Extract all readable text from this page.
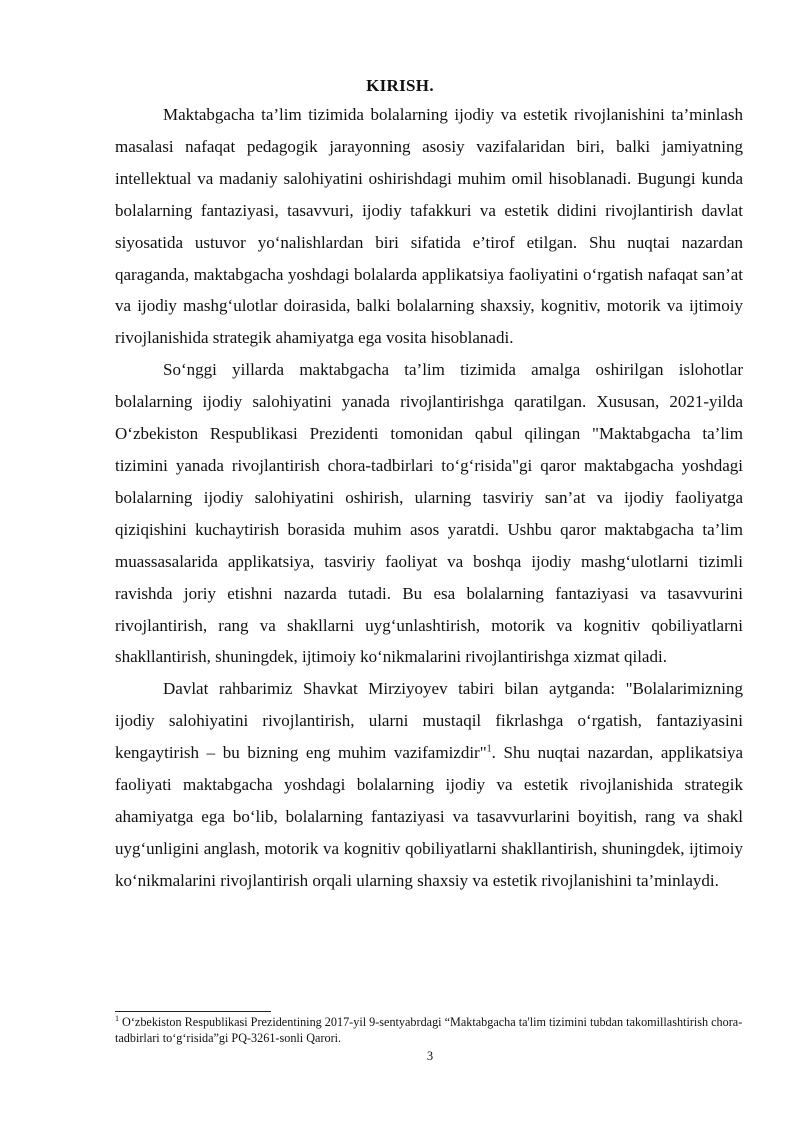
KIRISH.

Maktabgacha ta’lim tizimida bolalarning ijodiy va estetik rivojlanishini ta’minlash masalasi nafaqat pedagogik jarayonning asosiy vazifalaridan biri, balki jamiyatning intellektual va madaniy salohiyatini oshirishdagi muhim omil hisoblanadi. Bugungi kunda bolalarning fantaziyasi, tasavvuri, ijodiy tafakkuri va estetik didini rivojlantirish davlat siyosatida ustuvor yo‘nalishlardan biri sifatida e’tirof etilgan. Shu nuqtai nazardan qaraganda, maktabgacha yoshdagi bolalarda applikatsiya faoliyatini o‘rgatish nafaqat san’at va ijodiy mashg‘ulotlar doirasida, balki bolalarning shaxsiy, kognitiv, motorik va ijtimoiy rivojlanishida strategik ahamiyatga ega vosita hisoblanadi.

So‘nggi yillarda maktabgacha ta’lim tizimida amalga oshirilgan islohotlar bolalarning ijodiy salohiyatini yanada rivojlantirishga qaratilgan. Xususan, 2021-yilda O‘zbekiston Respublikasi Prezidenti tomonidan qabul qilingan "Maktabgacha ta’lim tizimini yanada rivojlantirish chora-tadbirlari to‘g‘risida"gi qaror maktabgacha yoshdagi bolalarning ijodiy salohiyatini oshirish, ularning tasviriy san’at va ijodiy faoliyatga qiziqishini kuchaytirish borasida muhim asos yaratdi. Ushbu qaror maktabgacha ta’lim muassasalarida applikatsiya, tasviriy faoliyat va boshqa ijodiy mashg‘ulotlarni tizimli ravishda joriy etishni nazarda tutadi. Bu esa bolalarning fantaziyasi va tasavvurini rivojlantirish, rang va shakllarni uyg‘unlashtirish, motorik va kognitiv qobiliyatlarni shakllantirish, shuningdek, ijtimoiy ko‘nikmalarini rivojlantirishga xizmat qiladi.

Davlat rahbarimiz Shavkat Mirziyoyev tabiri bilan aytganda: "Bolalarimizning ijodiy salohiyatini rivojlantirish, ularni mustaqil fikrlashga o‘rgatish, fantaziyasini kengaytirish – bu bizning eng muhim vazifamizdir"$^1$. Shu nuqtai nazardan, applikatsiya faoliyati maktabgacha yoshdagi bolalarning ijodiy va estetik rivojlanishida strategik ahamiyatga ega bo‘lib, bolalarning fantaziyasi va tasavvurlarini boyitish, rang va shakl uyg‘unligini anglash, motorik va kognitiv qobiliyatlarni shakllantirish, shuningdek, ijtimoiy ko‘nikmalarini rivojlantirish orqali ularning shaxsiy va estetik rivojlanishini ta’minlaydi.

$^1$ O‘zbekiston Respublikasi Prezidentining 2017-yil 9-sentyabrdagi “Maktabgacha ta'lim tizimini tubdan takomillashtirish chora-tadbirlari to‘g‘risida”gi PQ-3261-sonli Qarori.
3
